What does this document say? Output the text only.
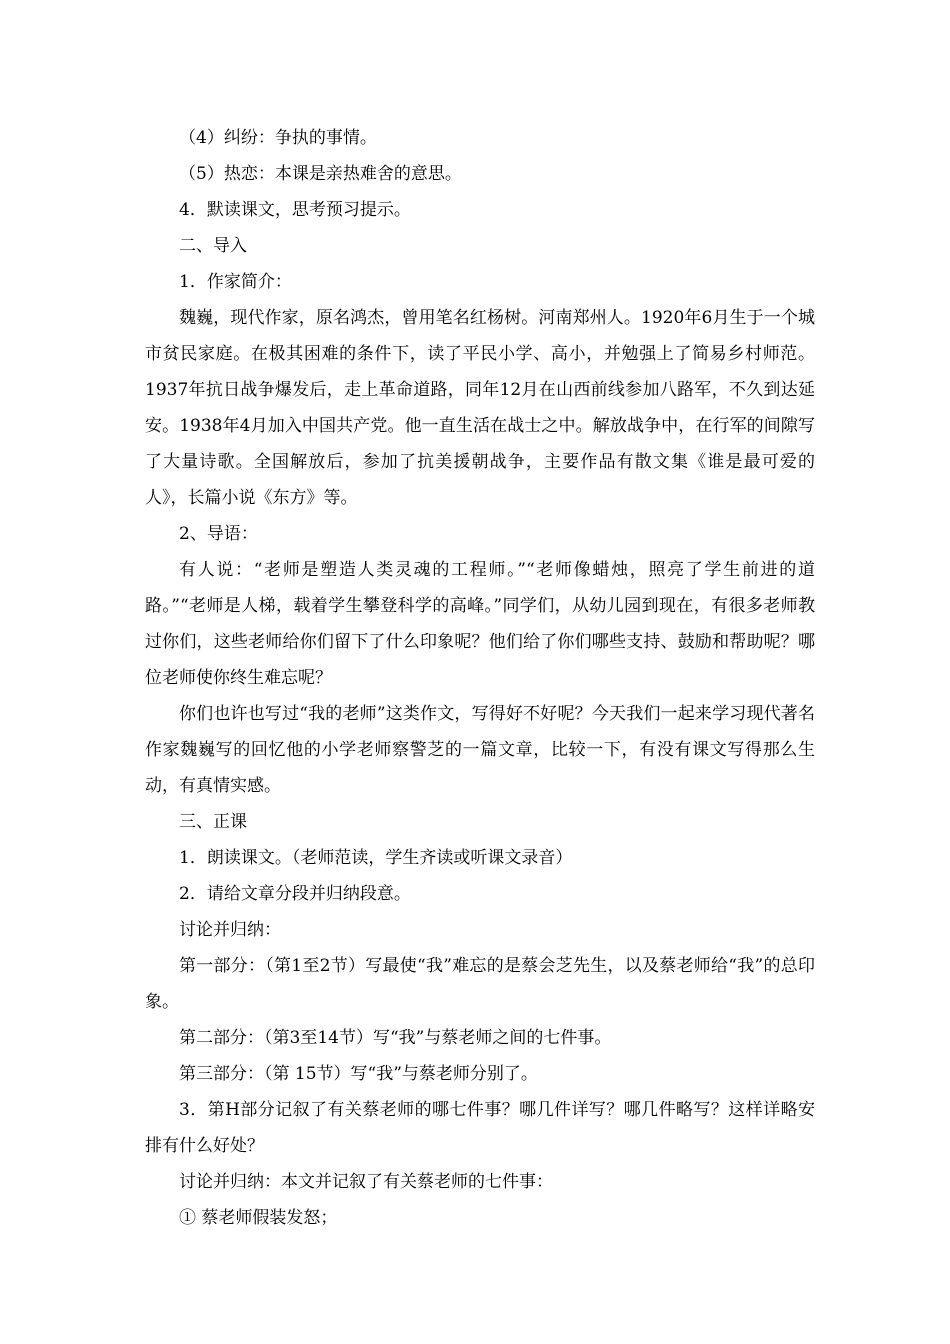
（4）纠纷：争执的事情。
（5）热恋：本课是亲热难舍的意思。
4．默读课文，思考预习提示。
二、导入
1．作家简介：

魏巍，现代作家，原名鸿杰，曾用笔名红杨树。河南郑州人。1920年6月生于一个城市贫民家庭。在极其困难的条件下，读了平民小学、高小，并勉强上了简易乡村师范。1937年抗日战争爆发后，走上革命道路，同年12月在山西前线参加八路军，不久到达延安。1938年4月加入中国共产党。他一直生活在战士之中。解放战争中，在行军的间隙写了大量诗歌。全国解放后，参加了抗美援朝战争，主要作品有散文集《谁是最可爱的人》，长篇小说《东方》等。

2、导语：

有人说：“老师是塑造人类灵魂的工程师。”“老师像蜡烛，照亮了学生前进的道路。”“老师是人梯，载着学生攀登科学的高峰。”同学们，从幼儿园到现在，有很多老师教过你们，这些老师给你们留下了什么印象呢？他们给了你们哪些支持、鼓励和帮助呢？哪位老师使你终生难忘呢？

你们也许也写过“我的老师”这类作文，写得好不好呢？今天我们一起来学习现代著名作家魏巍写的回忆他的小学老师察警芝的一篇文章，比较一下，有没有课文写得那么生动，有真情实感。

三、正课
1．朗读课文。（老师范读，学生齐读或听课文录音）
2．请给文章分段并归纳段意。
讨论并归纳：

第一部分：（第1至2节）写最使“我”难忘的是蔡会芝先生，以及蔡老师给“我”的总印象。

第二部分：（第3至14节）写“我”与蔡老师之间的七件事。
第三部分：（第 15节）写“我”与蔡老师分别了。

3．第H部分记叙了有关蔡老师的哪七件事？哪几件详写？哪几件略写？这样详略安排有什么好处？

讨论并归纳：本文并记叙了有关蔡老师的七件事：
① 蔡老师假装发怒；
